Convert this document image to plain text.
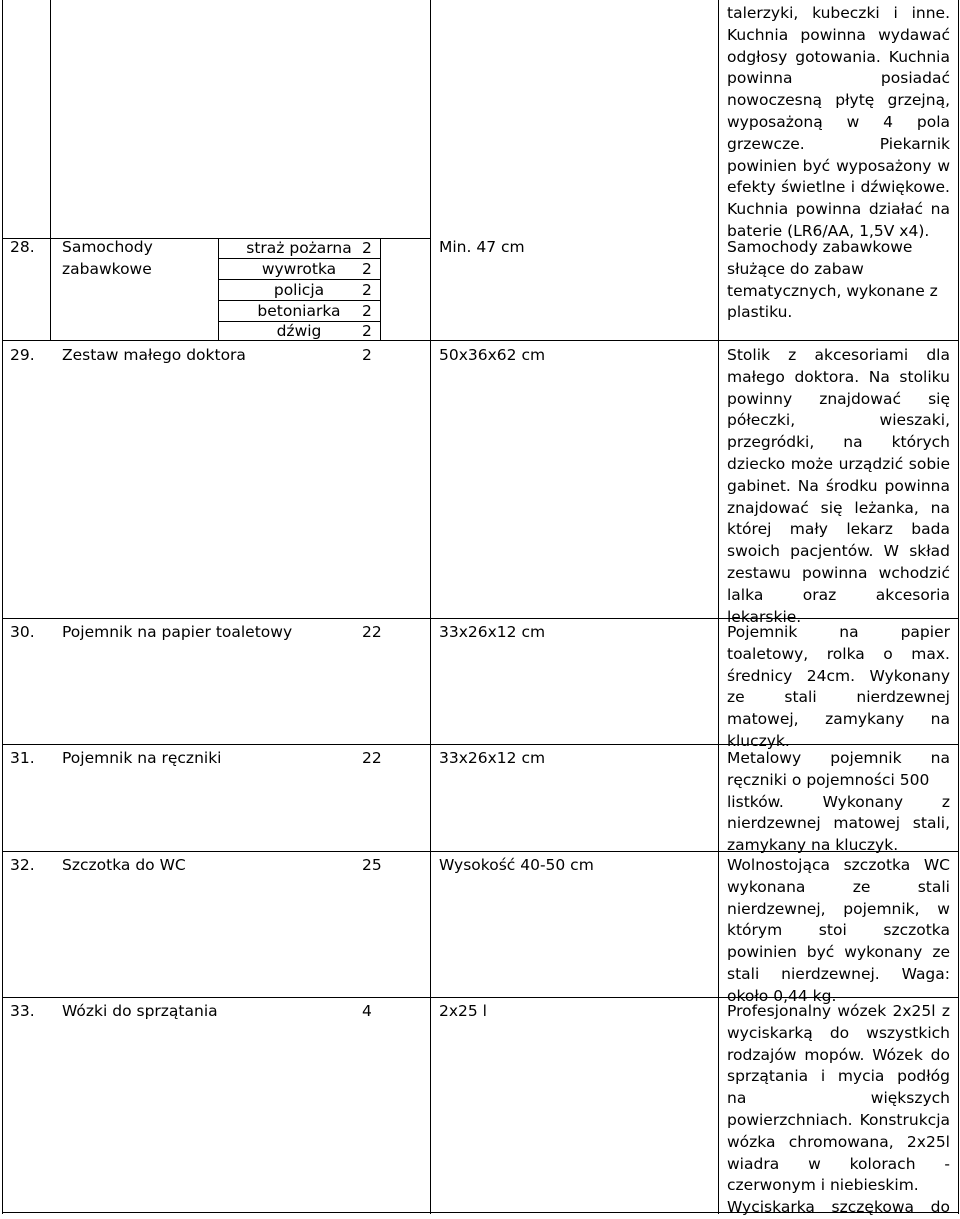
talerzyki, kubeczki i inne.
Kuchnia powinna wydawać
odgłosy gotowania. Kuchnia
powinna posiadać
nowoczesną płytę grzejną,
wyposażoną w 4 pola
grzewcze. Piekarnik
powinien być wyposażony w
efekty świetlne i dźwiękowe.
Kuchnia powinna działać na
baterie (LR6/AA, 1,5V x4).
28. Samochody
zabawkowe
straż pożarna 2
wywrotka	2
policja	2
betoniarka	2
dźwig	2
Min. 47 cm	Samochody zabawkowe
służące do zabaw
tematycznych, wykonane z
plastiku.
29. Zestaw małego doktora	2	50x36x62 cm	Stolik z akcesoriami dla
małego doktora. Na stoliku
powinny znajdować się
półeczki, wieszaki,
przegródki, na których
dziecko może urządzić sobie
gabinet. Na środku powinna
znajdować się leżanka, na
której mały lekarz bada
swoich pacjentów. W skład
zestawu powinna wchodzić
lalka oraz akcesoria
lekarskie.
30. Pojemnik na papier toaletowy	22	33x26x12 cm	Pojemnik na papier
toaletowy, rolka o max.
średnicy 24cm. Wykonany
ze stali nierdzewnej
matowej, zamykany na
kluczyk.
31. Pojemnik na ręczniki	22	33x26x12 cm	Metalowy pojemnik na
ręczniki o pojemności 500
listków. Wykonany z
nierdzewnej matowej stali,
zamykany na kluczyk.
32. Szczotka do WC	25	Wysokość 40-50 cm	Wolnostojąca szczotka WC
wykonana ze stali
nierdzewnej, pojemnik, w
którym stoi szczotka
powinien być wykonany ze
stali nierdzewnej. Waga:
około 0,44 kg.
33. Wózki do sprzątania	4	2x25 l	Profesjonalny wózek 2x25l z
wyciskarką do wszystkich
rodzajów mopów. Wózek do
sprzątania i mycia podłóg
na większych
powierzchniach. Konstrukcja
wózka chromowana, 2x25l
wiadra w kolorach -
czerwonym i niebieskim.
Wyciskarka szczękowa do
